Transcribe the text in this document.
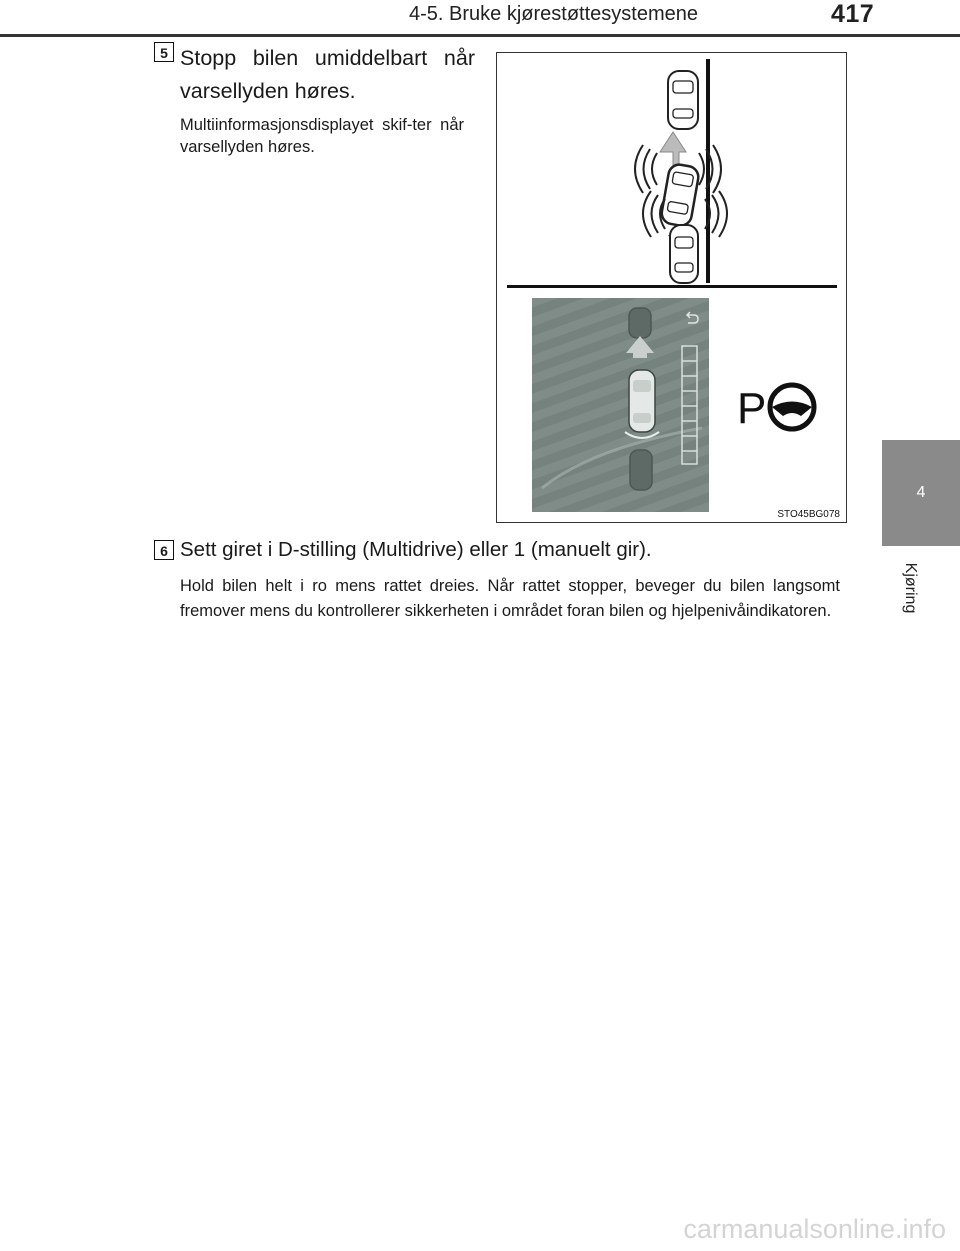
4-5. Bruke kjørestøttesystemene	417
4
Kjøring
5 Stopp bilen umiddelbart når varsellyden høres.
Multiinformasjonsdisplayet skif-ter når varsellyden høres.
P
STO45BG078
6 Sett giret i D-stilling (Multidrive) eller 1 (manuelt gir).
Hold bilen helt i ro mens rattet dreies. Når rattet stopper, beveger du bilen langsomt fremover mens du kontrollerer sikkerheten i området foran bilen og hjelpenivåindikatoren.
carmanualsonline.info
